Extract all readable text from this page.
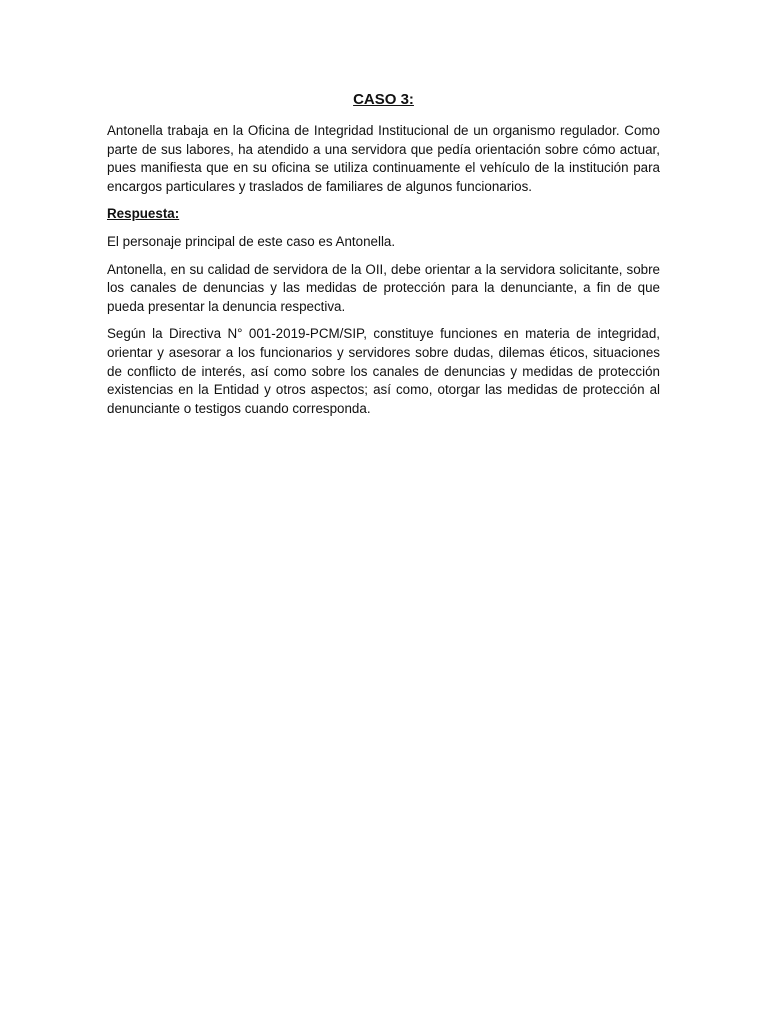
CASO 3:

Antonella trabaja en la Oficina de Integridad Institucional de un organismo regulador. Como parte de sus labores, ha atendido a una servidora que pedía orientación sobre cómo actuar, pues manifiesta que en su oficina se utiliza continuamente el vehículo de la institución para encargos particulares y traslados de familiares de algunos funcionarios.

Respuesta:

El personaje principal de este caso es Antonella.

Antonella, en su calidad de servidora de la OII, debe orientar a la servidora solicitante, sobre los canales de denuncias y las medidas de protección para la denunciante, a fin de que pueda presentar la denuncia respectiva.

Según la Directiva N° 001-2019-PCM/SIP, constituye funciones en materia de integridad, orientar y asesorar a los funcionarios y servidores sobre dudas, dilemas éticos, situaciones de conflicto de interés, así como sobre los canales de denuncias y medidas de protección existencias en la Entidad y otros aspectos; así como, otorgar las medidas de protección al denunciante o testigos cuando corresponda.
